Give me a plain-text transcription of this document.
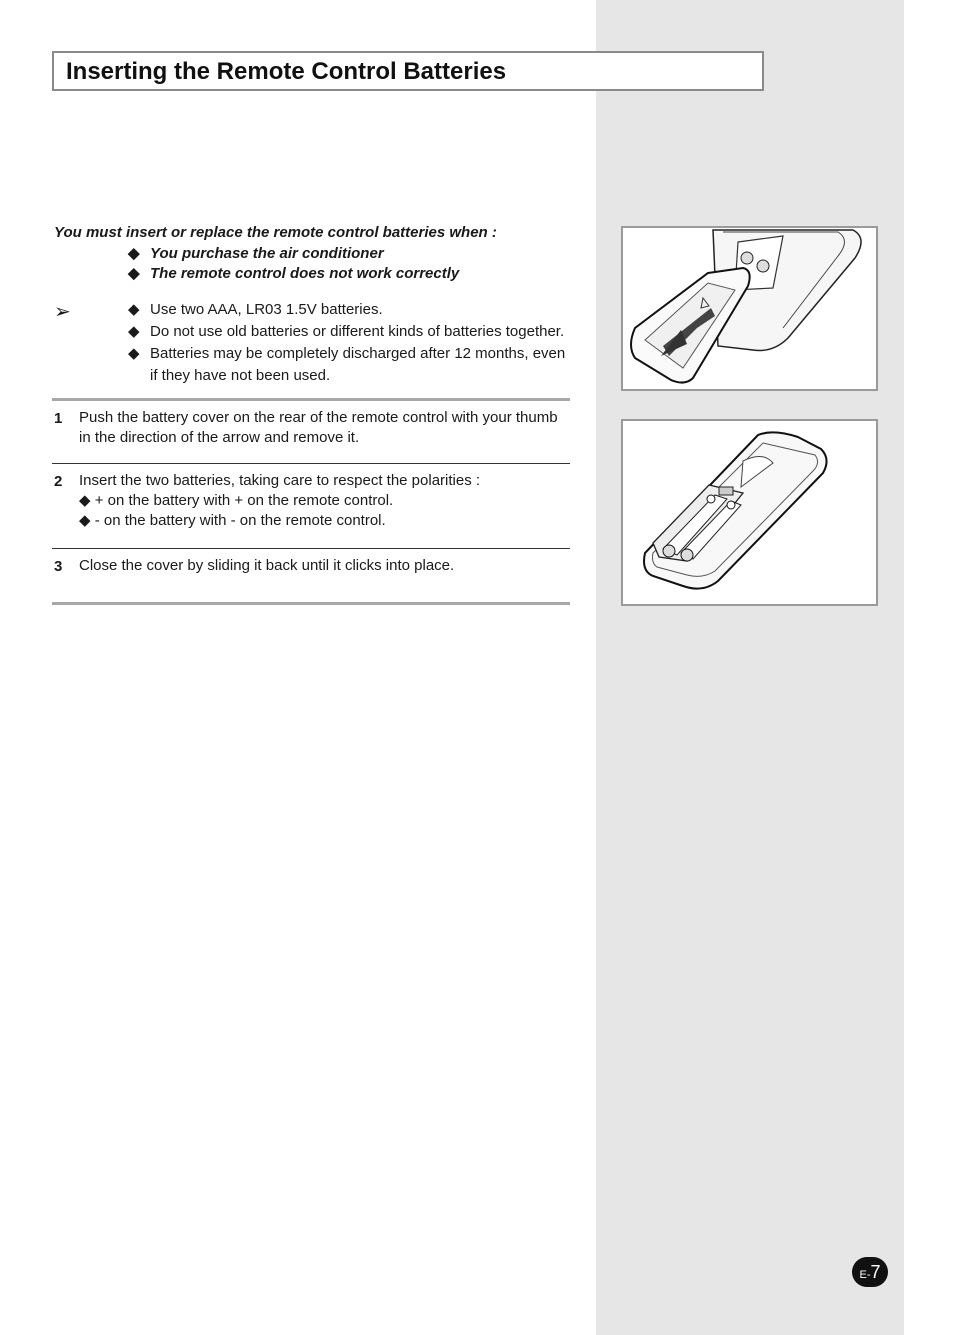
Inserting the Remote Control Batteries
You must insert or replace the remote control batteries when :
◆ You purchase the air conditioner
◆ The remote control does not work correctly
➢	◆ Use two AAA, LR03 1.5V batteries.
◆ Do not use old batteries or different kinds of batteries together.
◆ Batteries may be completely discharged after 12 months, even if they have not been used.
1 Push the battery cover on the rear of the remote control with your thumb in the direction of the arrow and remove it.
2 Insert the two batteries, taking care to respect the polarities :
◆ + on the battery with + on the remote control.
◆ - on the battery with - on the remote control.
3 Close the cover by sliding it back until it clicks into place.
E-7
